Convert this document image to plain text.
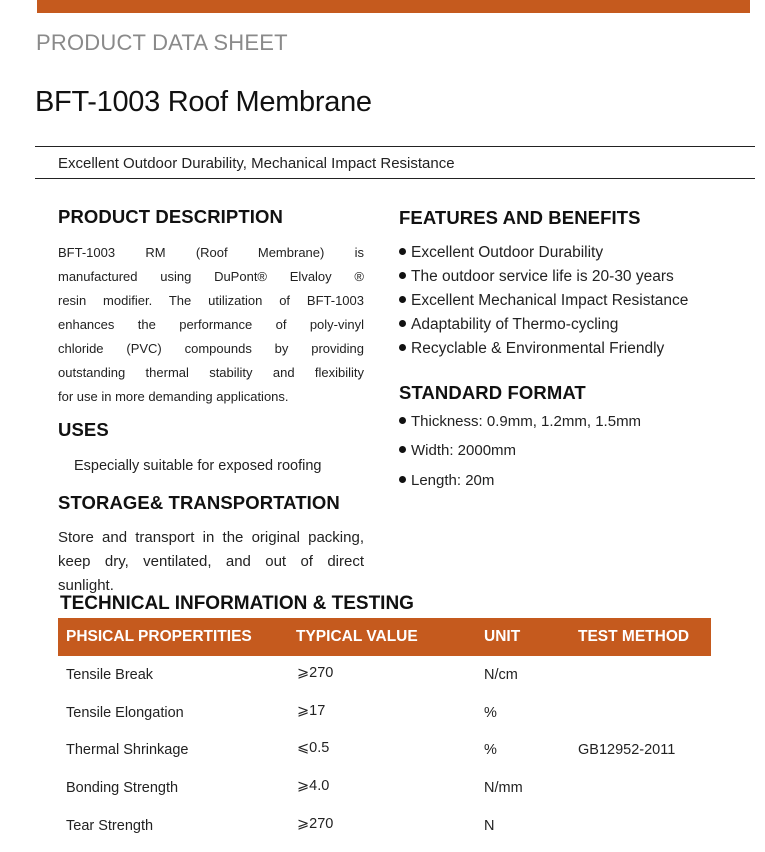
PRODUCT DATA SHEET
BFT-1003 Roof Membrane
Excellent Outdoor Durability, Mechanical Impact Resistance
PRODUCT DESCRIPTION
BFT-1003 RM (Roof Membrane) is
manufactured using DuPont® Elvaloy ®
resin modifier. The utilization of BFT-1003
enhances the performance of poly-vinyl
chloride (PVC) compounds by providing
outstanding thermal stability and flexibility
for use in more demanding applications.
USES
Especially suitable for exposed roofing
STORAGE& TRANSPORTATION
Store and transport in the original packing,
keep dry, ventilated, and out of direct
sunlight.
FEATURES AND BENEFITS
Excellent Outdoor Durability
The outdoor service life is 20-30 years
Excellent Mechanical Impact Resistance
Adaptability of Thermo-cycling
Recyclable & Environmental Friendly
STANDARD FORMAT
Thickness: 0.9mm, 1.2mm, 1.5mm
Width: 2000mm
Length: 20m
TECHNICAL INFORMATION & TESTING
PHSICAL PROPERTITIES	TYPICAL VALUE	UNIT	TEST METHOD
Tensile Break	⩾270	N/cm
Tensile Elongation	⩾17	%
Thermal Shrinkage	⩽0.5	%	GB12952-2011
Bonding Strength	⩾4.0	N/mm
Tear Strength	⩾270	N
